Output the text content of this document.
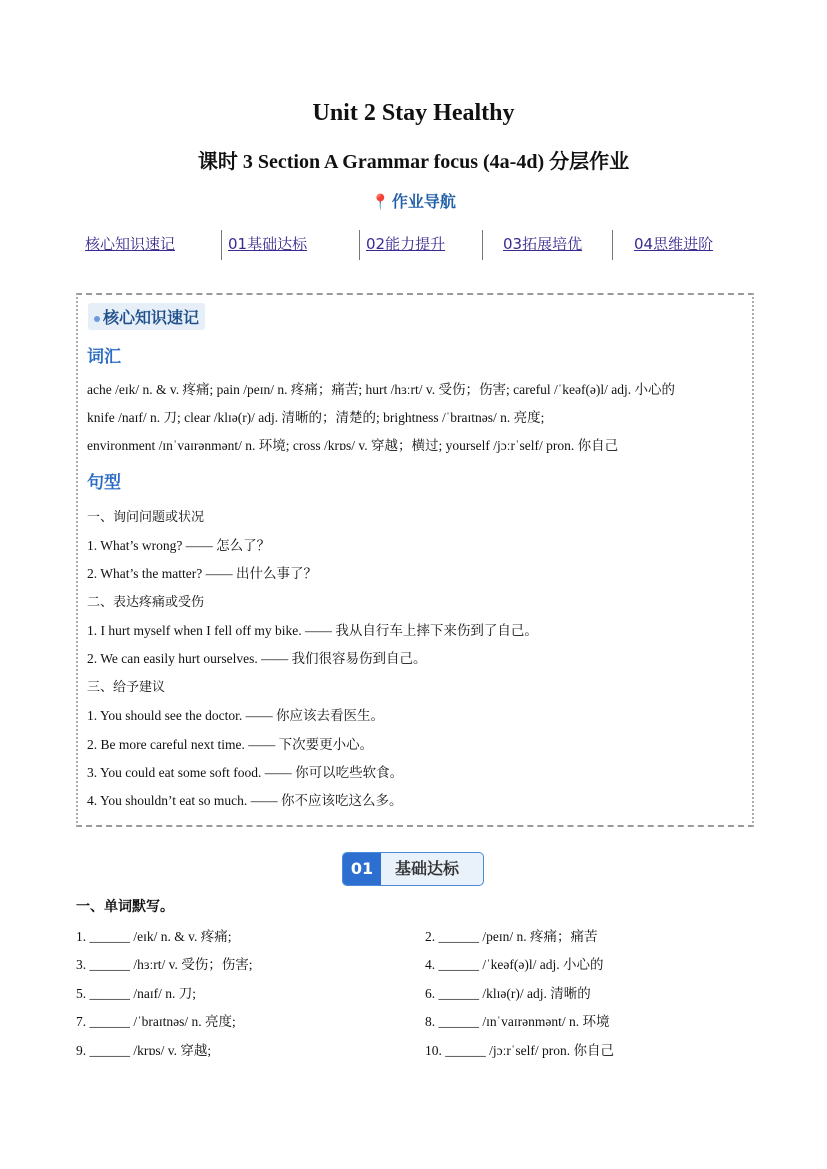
Unit 2 Stay Healthy
课时 3 Section A Grammar focus (4a-4d) 分层作业
📍 作业导航
核心知识速记	01基础达标	02能力提升	03拓展培优	04思维进阶
核心知识速记
词汇
ache /eɪk/ n. & v. 疼痛; pain /peɪn/ n. 疼痛；痛苦; hurt /hɜːrt/ v. 受伤；伤害; careful /ˈkeəf(ə)l/ adj. 小心的
knife /naɪf/ n. 刀; clear /klɪə(r)/ adj. 清晰的；清楚的; brightness /ˈbraɪtnəs/ n. 亮度;
environment /ɪnˈvaɪrənmənt/ n. 环境; cross /krɒs/ v. 穿越；横过; yourself /jɔːrˈself/ pron. 你自己
句型
一、询问问题或状况
1. What’s wrong? —— 怎么了？
2. What’s the matter? —— 出什么事了？
二、表达疼痛或受伤
1. I hurt myself when I fell off my bike. —— 我从自行车上摔下来伤到了自己。
2. We can easily hurt ourselves. —— 我们很容易伤到自己。
三、给予建议
1. You should see the doctor. —— 你应该去看医生。
2. Be more careful next time. —— 下次要更小心。
3. You could eat some soft food. —— 你可以吃些软食。
4. You shouldn’t eat so much. —— 你不应该吃这么多。
01	基础达标
一、单词默写。
1. ______ /eɪk/ n. & v. 疼痛;	2. ______ /peɪn/ n. 疼痛；痛苦
3. ______ /hɜːrt/ v. 受伤；伤害;	4. ______ /ˈkeəf(ə)l/ adj. 小心的
5. ______ /naɪf/ n. 刀;	6. ______ /klɪə(r)/ adj. 清晰的
7. ______ /ˈbraɪtnəs/ n. 亮度;	8. ______ /ɪnˈvaɪrənmənt/ n. 环境
9. ______ /krɒs/ v. 穿越;	10. ______ /jɔːrˈself/ pron. 你自己
